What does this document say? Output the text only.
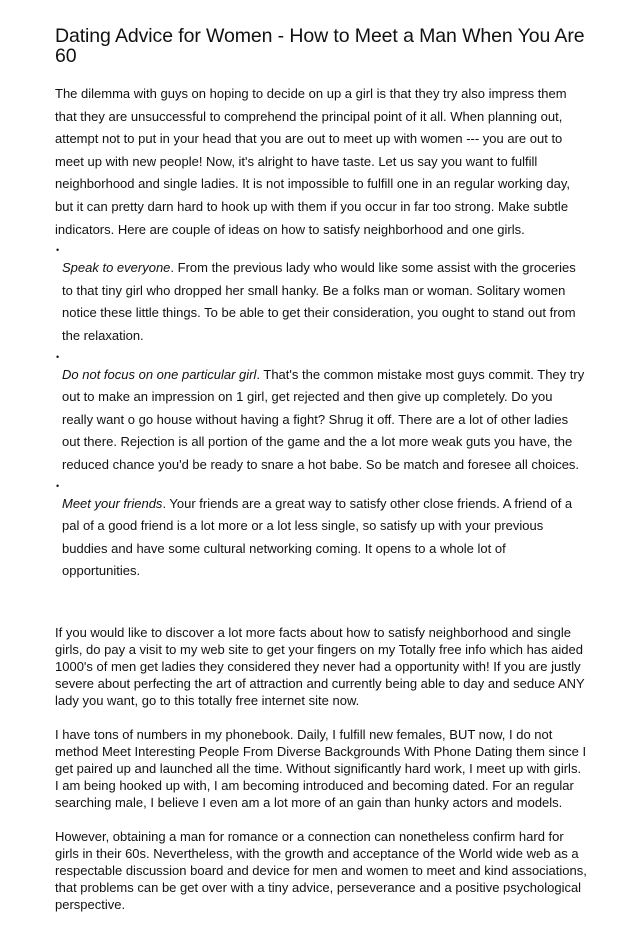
Dating Advice for Women - How to Meet a Man When You Are 60

The dilemma with guys on hoping to decide on up a girl is that they try also impress them that they are unsuccessful to comprehend the principal point of it all. When planning out, attempt not to put in your head that you are out to meet up with women --- you are out to meet up with new people! Now, it's alright to have taste. Let us say you want to fulfill neighborhood and single ladies. It is not impossible to fulfill one in an regular working day, but it can pretty darn hard to hook up with them if you occur in far too strong. Make subtle indicators. Here are couple of ideas on how to satisfy neighborhood and one girls.

•

Speak to everyone. From the previous lady who would like some assist with the groceries to that tiny girl who dropped her small hanky. Be a folks man or woman. Solitary women notice these little things. To be able to get their consideration, you ought to stand out from the relaxation.

•

Do not focus on one particular girl. That's the common mistake most guys commit. They try out to make an impression on 1 girl, get rejected and then give up completely. Do you really want o go house without having a fight? Shrug it off. There are a lot of other ladies out there. Rejection is all portion of the game and the a lot more weak guts you have, the reduced chance you'd be ready to snare a hot babe. So be match and foresee all choices.

•

Meet your friends. Your friends are a great way to satisfy other close friends. A friend of a pal of a good friend is a lot more or a lot less single, so satisfy up with your previous buddies and have some cultural networking coming. It opens to a whole lot of opportunities.

If you would like to discover a lot more facts about how to satisfy neighborhood and single girls, do pay a visit to my web site to get your fingers on my Totally free info which has aided 1000's of men get ladies they considered they never had a opportunity with! If you are justly severe about perfecting the art of attraction and currently being able to day and seduce ANY lady you want, go to this totally free internet site now.

I have tons of numbers in my phonebook. Daily, I fulfill new females, BUT now, I do not method Meet Interesting People From Diverse Backgrounds With Phone Dating them since I get paired up and launched all the time. Without significantly hard work, I meet up with girls. I am being hooked up with, I am becoming introduced and becoming dated. For an regular searching male, I believe I even am a lot more of an gain than hunky actors and models.

However, obtaining a man for romance or a connection can nonetheless confirm hard for girls in their 60s. Nevertheless, with the growth and acceptance of the World wide web as a respectable discussion board and device for men and women to meet and kind associations, that problems can be get over with a tiny advice, perseverance and a positive psychological perspective.
